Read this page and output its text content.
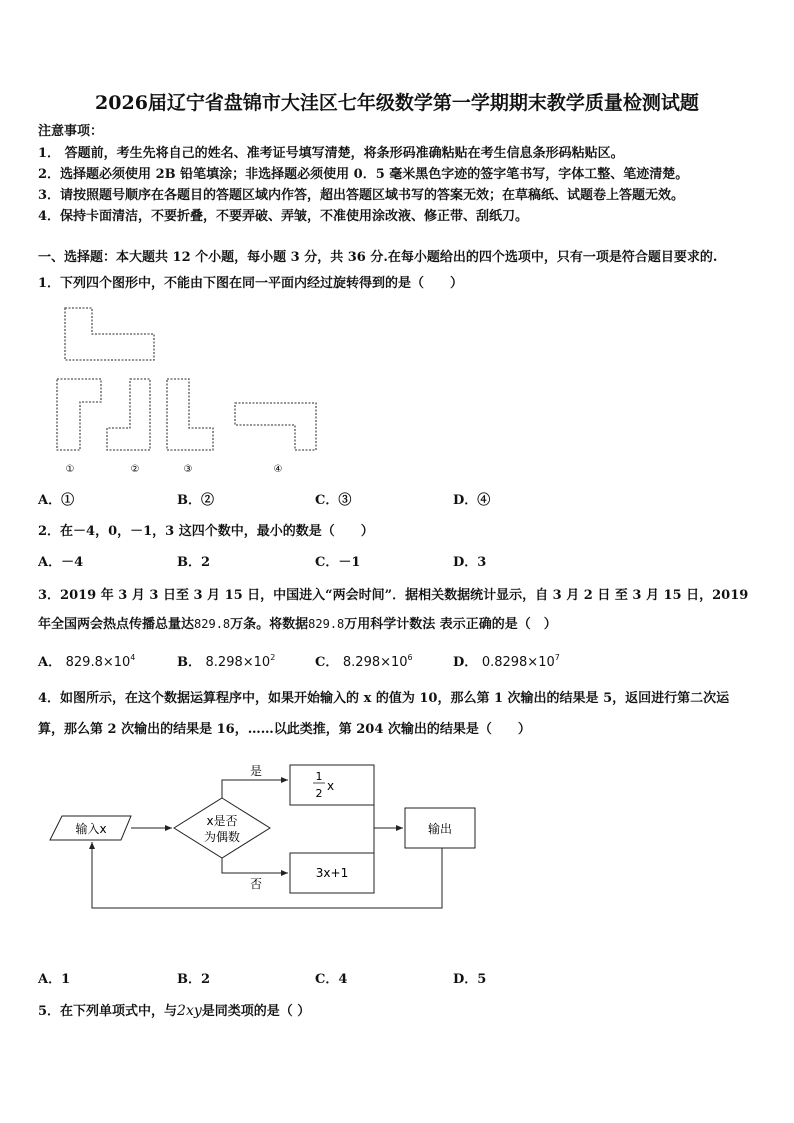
2026届辽宁省盘锦市大洼区七年级数学第一学期期末教学质量检测试题
注意事项：
1． 答题前，考生先将自己的姓名、准考证号填写清楚，将条形码准确粘贴在考生信息条形码粘贴区。
2．选择题必须使用 2B 铅笔填涂；非选择题必须使用 0．5 毫米黑色字迹的签字笔书写，字体工整、笔迹清楚。
3．请按照题号顺序在各题目的答题区域内作答，超出答题区域书写的答案无效；在草稿纸、试题卷上答题无效。
4．保持卡面清洁，不要折叠，不要弄破、弄皱，不准使用涂改液、修正带、刮纸刀。
一、选择题：本大题共 12 个小题，每小题 3 分，共 36 分.在每小题给出的四个选项中，只有一项是符合题目要求的.
1．下列四个图形中，不能由下图在同一平面内经过旋转得到的是（　　）
①	②	③	④
A．①	B．②	C．③	D．④
2．在－4，0，－1，3 这四个数中，最小的数是（　　）
A．－4	B．2	C．－1	D．3
3．2019 年 3 月 3 日至 3 月 15 日，中国进入“两会时间”．据相关数据统计显示，自 3 月 2 日 至 3 月 15 日，2019
年全国两会热点传播总量达829.8万条。将数据829.8万用科学计数法 表示正确的是（　）
A． $829.8\times 10^4$	B． $8.298\times 10^2$	C． $8.298\times 10^6$	D． $0.8298\times 10^7$
4．如图所示，在这个数据运算程序中，如果开始输入的 x 的值为 10，那么第 1 次输出的结果是 5，返回进行第二次运
算，那么第 2 次输出的结果是 16，……以此类推，第 204 次输出的结果是（　　）
输入x
x是否
为偶数
是
否
1
2
x
3x+1
输出
A．1	B．2	C．4	D．5
5．在下列单项式中，与2xy是同类项的是（ ）
